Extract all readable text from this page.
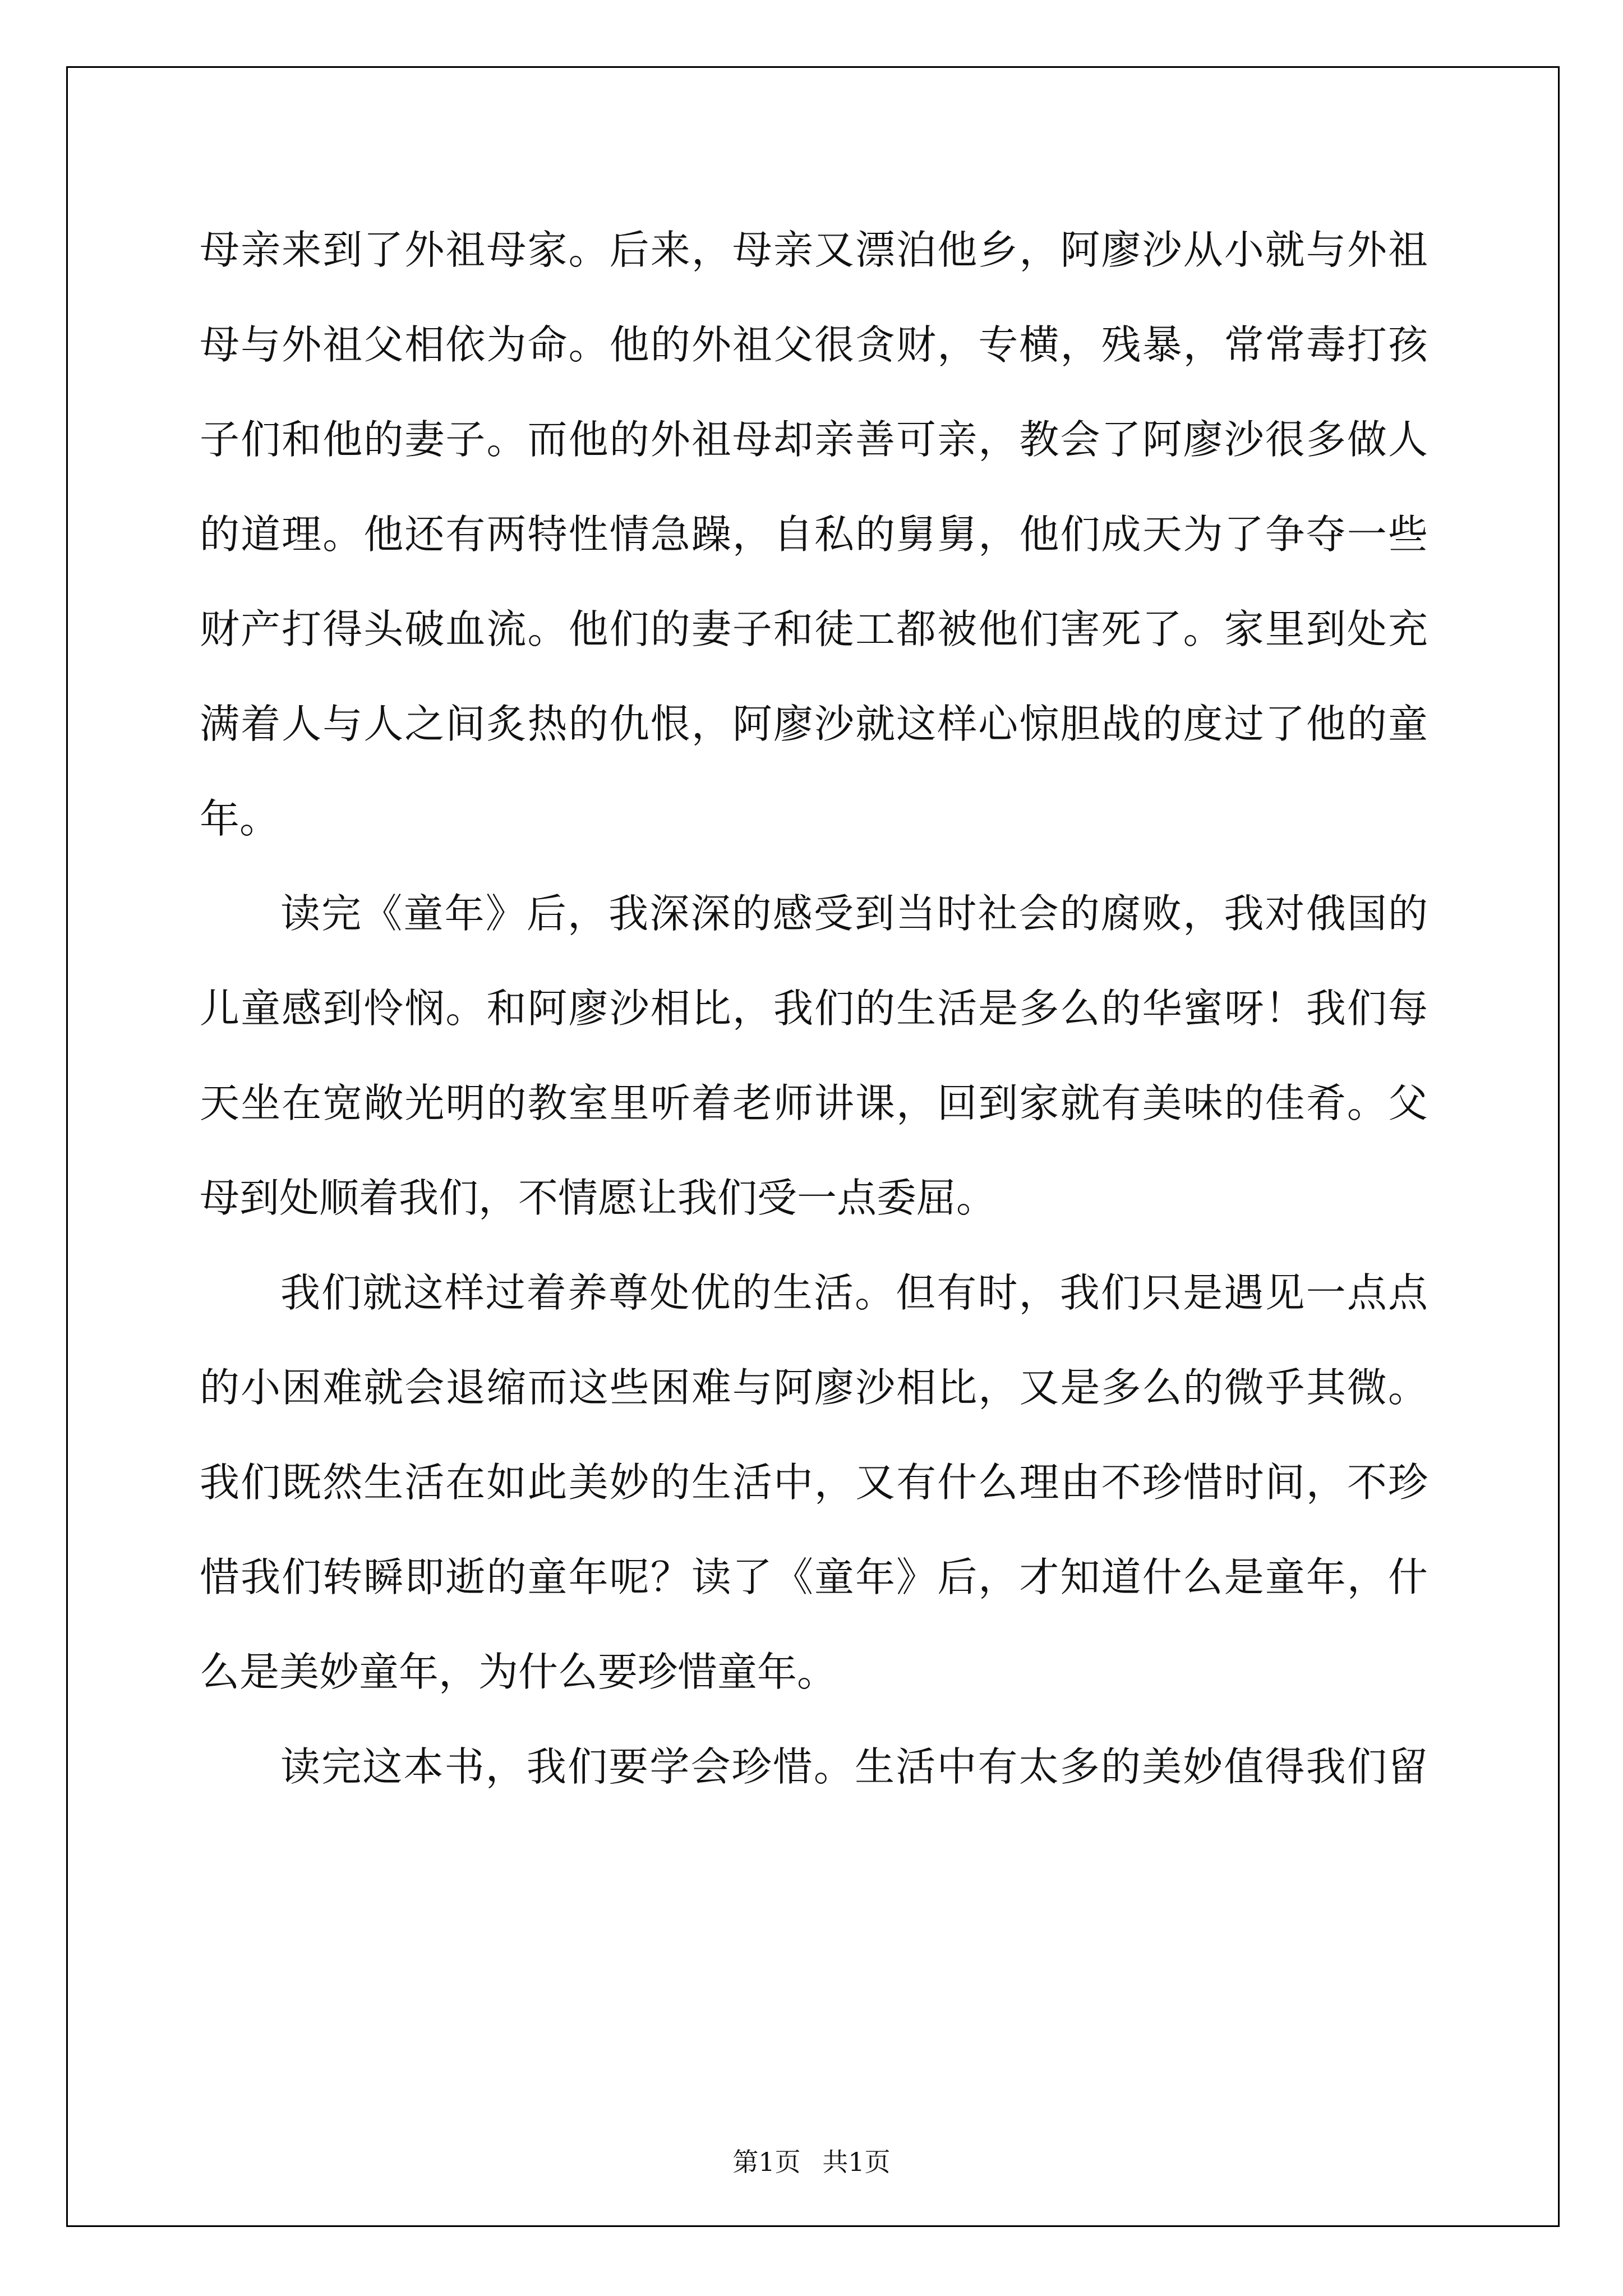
母亲来到了外祖母家。后来，母亲又漂泊他乡，阿廖沙从小就与外祖
母与外祖父相依为命。他的外祖父很贪财，专横，残暴，常常毒打孩
子们和他的妻子。而他的外祖母却亲善可亲，教会了阿廖沙很多做人
的道理。他还有两特性情急躁，自私的舅舅，他们成天为了争夺一些
财产打得头破血流。他们的妻子和徒工都被他们害死了。家里到处充
满着人与人之间炙热的仇恨，阿廖沙就这样心惊胆战的度过了他的童
年。
读完《童年》后，我深深的感受到当时社会的腐败，我对俄国的
儿童感到怜悯。和阿廖沙相比，我们的生活是多么的华蜜呀！我们每
天坐在宽敞光明的教室里听着老师讲课，回到家就有美味的佳肴。父
母到处顺着我们，不情愿让我们受一点委屈。
我们就这样过着养尊处优的生活。但有时，我们只是遇见一点点
的小困难就会退缩而这些困难与阿廖沙相比，又是多么的微乎其微。
我们既然生活在如此美妙的生活中，又有什么理由不珍惜时间，不珍
惜我们转瞬即逝的童年呢？读了《童年》后，才知道什么是童年，什
么是美妙童年，为什么要珍惜童年。
读完这本书，我们要学会珍惜。生活中有太多的美妙值得我们留
第1页 共1页
